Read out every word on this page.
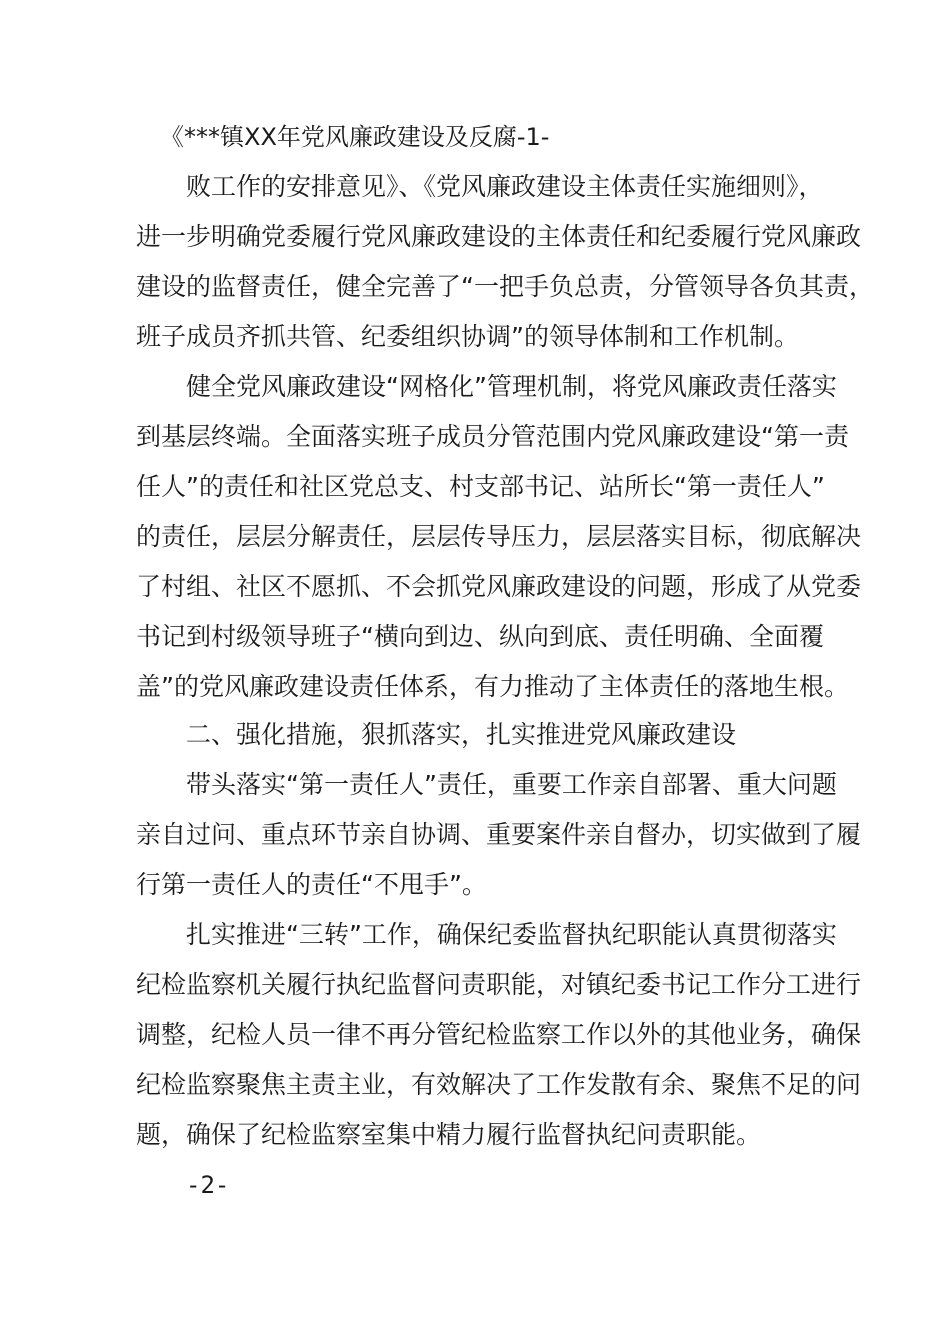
《***镇XX年党风廉政建设及反腐-1-
败工作的安排意见》、《党风廉政建设主体责任实施细则》，
进一步明确党委履行党风廉政建设的主体责任和纪委履行党风廉政
建设的监督责任，健全完善了“一把手负总责，分管领导各负其责，
班子成员齐抓共管、纪委组织协调”的领导体制和工作机制。
健全党风廉政建设“网格化”管理机制，将党风廉政责任落实
到基层终端。全面落实班子成员分管范围内党风廉政建设“第一责
任人”的责任和社区党总支、村支部书记、站所长“第一责任人”
的责任，层层分解责任，层层传导压力，层层落实目标，彻底解决
了村组、社区不愿抓、不会抓党风廉政建设的问题，形成了从党委
书记到村级领导班子“横向到边、纵向到底、责任明确、全面覆
盖”的党风廉政建设责任体系，有力推动了主体责任的落地生根。
二、强化措施，狠抓落实，扎实推进党风廉政建设
带头落实“第一责任人”责任，重要工作亲自部署、重大问题
亲自过问、重点环节亲自协调、重要案件亲自督办，切实做到了履
行第一责任人的责任“不甩手”。
扎实推进“三转”工作，确保纪委监督执纪职能认真贯彻落实
纪检监察机关履行执纪监督问责职能，对镇纪委书记工作分工进行
调整，纪检人员一律不再分管纪检监察工作以外的其他业务，确保
纪检监察聚焦主责主业，有效解决了工作发散有余、聚焦不足的问
题，确保了纪检监察室集中精力履行监督执纪问责职能。
-2-
